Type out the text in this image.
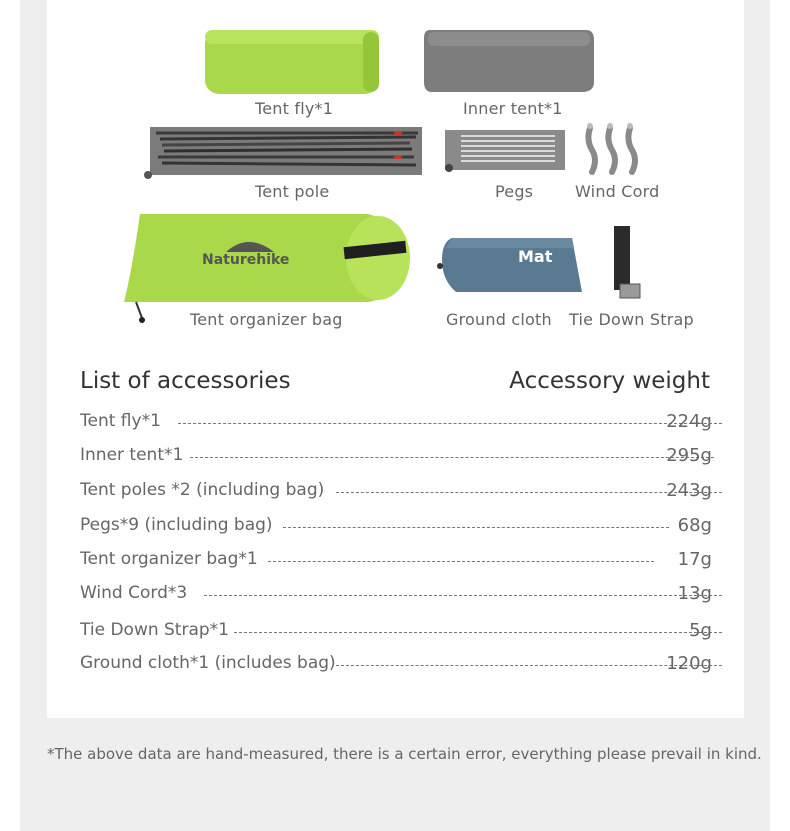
Tent fly*1	Inner tent*1
Tent pole	Pegs	Wind Cord
Naturehike
Tent organizer bag
Mat
Ground cloth Tie Down Strap
List of accessories	Accessory weight
Tent fly*1	224g
Inner tent*1	295g
Tent poles *2 (including bag)	243g
Pegs*9 (including bag)	68g
Tent organizer bag*1	17g
Wind Cord*3	13g
Tie Down Strap*1	5g
Ground cloth*1 (includes bag)	120g
*The above data are hand-measured, there is a certain error, everything please prevail in kind.
